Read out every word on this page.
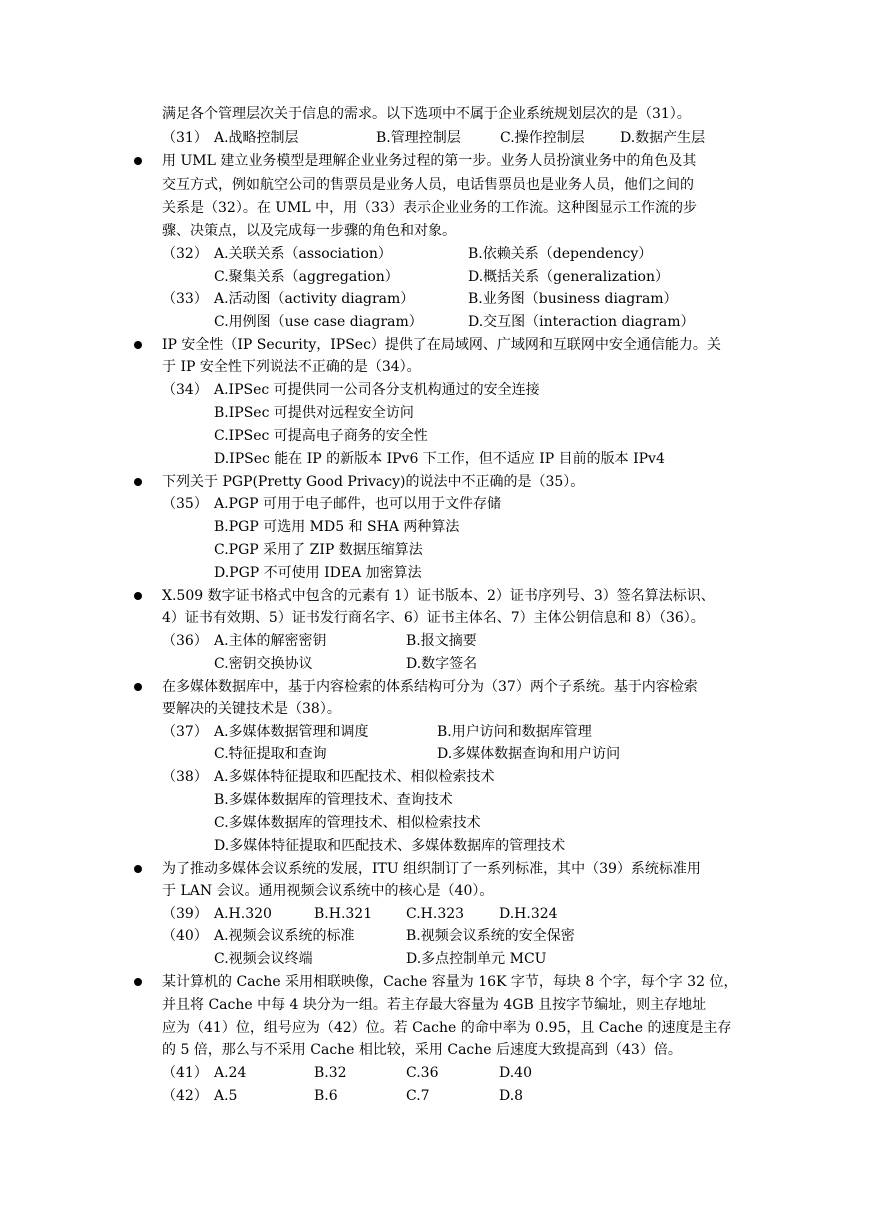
满足各个管理层次关于信息的需求。以下选项中不属于企业系统规划层次的是（31）。
（31） A.战略控制层	B.管理控制层	C.操作控制层	D.数据产生层
用 UML 建立业务模型是理解企业业务过程的第一步。业务人员扮演业务中的角色及其
交互方式，例如航空公司的售票员是业务人员，电话售票员也是业务人员，他们之间的
关系是（32）。在 UML 中，用（33）表示企业业务的工作流。这种图显示工作流的步
骤、决策点，以及完成每一步骤的角色和对象。
（32） A.关联关系（association）	B.依赖关系（dependency）
C.聚集关系（aggregation）	D.概括关系（generalization）
（33） A.活动图（activity diagram）	B.业务图（business diagram）
C.用例图（use case diagram）	D.交互图（interaction diagram）
IP 安全性（IP Security，IPSec）提供了在局域网、广域网和互联网中安全通信能力。关
于 IP 安全性下列说法不正确的是（34）。
（34） A.IPSec 可提供同一公司各分支机构通过的安全连接
B.IPSec 可提供对远程安全访问
C.IPSec 可提高电子商务的安全性
D.IPSec 能在 IP 的新版本 IPv6 下工作，但不适应 IP 目前的版本 IPv4
下列关于 PGP(Pretty Good Privacy)的说法中不正确的是（35）。
（35） A.PGP 可用于电子邮件，也可以用于文件存储
B.PGP 可选用 MD5 和 SHA 两种算法
C.PGP 采用了 ZIP 数据压缩算法
D.PGP 不可使用 IDEA 加密算法
X.509 数字证书格式中包含的元素有 1）证书版本、2）证书序列号、3）签名算法标识、
4）证书有效期、5）证书发行商名字、6）证书主体名、7）主体公钥信息和 8）（36）。
（36） A.主体的解密密钥	B.报文摘要
C.密钥交换协议	D.数字签名
在多媒体数据库中，基于内容检索的体系结构可分为（37）两个子系统。基于内容检索
要解决的关键技术是（38）。
（37） A.多媒体数据管理和调度	B.用户访问和数据库管理
C.特征提取和查询	D.多媒体数据查询和用户访问
（38） A.多媒体特征提取和匹配技术、相似检索技术
B.多媒体数据库的管理技术、查询技术
C.多媒体数据库的管理技术、相似检索技术
D.多媒体特征提取和匹配技术、多媒体数据库的管理技术
为了推动多媒体会议系统的发展，ITU 组织制订了一系列标准，其中（39）系统标准用
于 LAN 会议。通用视频会议系统中的核心是（40）。
（39） A.H.320	B.H.321 C.H.323 D.H.324
（40） A.视频会议系统的标准	B.视频会议系统的安全保密
C.视频会议终端	D.多点控制单元 MCU
某计算机的 Cache 采用相联映像，Cache 容量为 16K 字节，每块 8 个字，每个字 32 位，
并且将 Cache 中每 4 块分为一组。若主存最大容量为 4GB 且按字节编址，则主存地址
应为（41）位，组号应为（42）位。若 Cache 的命中率为 0.95，且 Cache 的速度是主存
的 5 倍，那么与不采用 Cache 相比较，采用 Cache 后速度大致提高到（43）倍。
（41） A.24	B.32	C.36	D.40
（42） A.5	B.6	C.7	D.8
